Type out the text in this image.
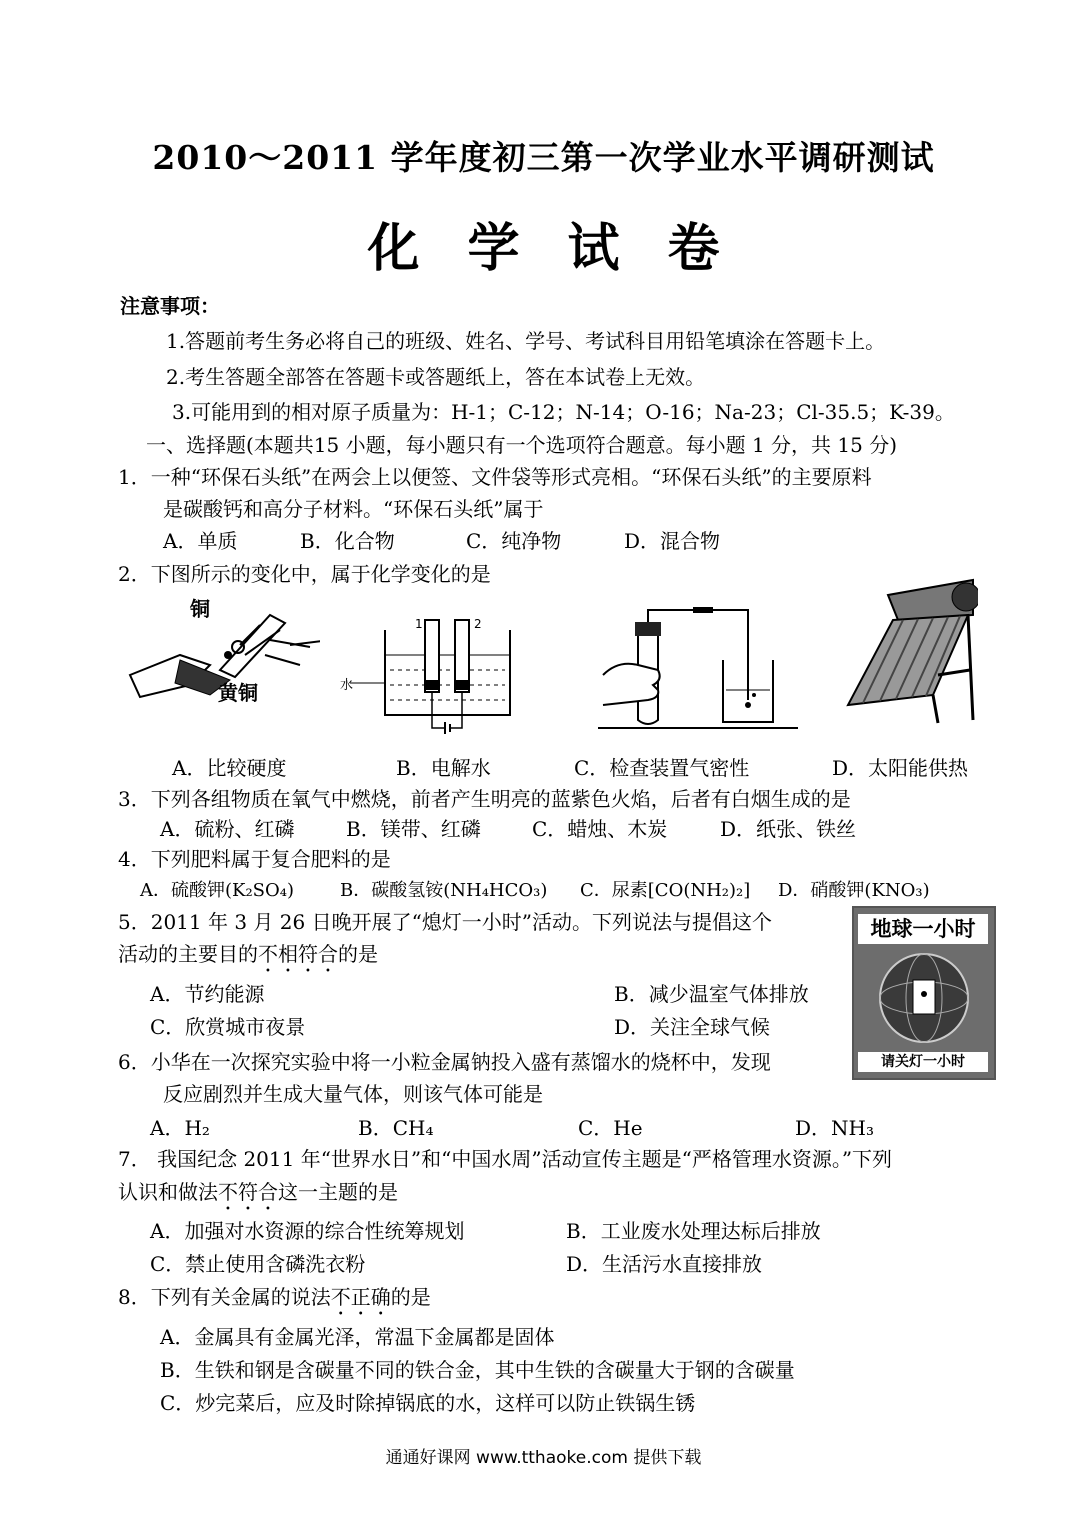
2010～2011 学年度初三第一次学业水平调研测试
化学试卷
注意事项：
1.答题前考生务必将自己的班级、姓名、学号、考试科目用铅笔填涂在答题卡上。
2.考生答题全部答在答题卡或答题纸上，答在本试卷上无效。
3.可能用到的相对原子质量为：H-1；C-12；N-14；O-16；Na-23；Cl-35.5；K-39。
一、选择题(本题共15 小题，每小题只有一个选项符合题意。每小题 1 分，共 15 分)
1．一种“环保石头纸”在两会上以便签、文件袋等形式亮相。“环保石头纸”的主要原料
是碳酸钙和高分子材料。“环保石头纸”属于
A．单质	B．化合物	C．纯净物	D．混合物
2．下图所示的变化中，属于化学变化的是
铜
黄铜
1	2
水
A．比较硬度	B．电解水	C．检查装置气密性	D．太阳能供热
3．下列各组物质在氧气中燃烧，前者产生明亮的蓝紫色火焰，后者有白烟生成的是
A．硫粉、红磷	B．镁带、红磷	C．蜡烛、木炭	D．纸张、铁丝
4．下列肥料属于复合肥料的是
A．硫酸钾(K₂SO₄)	B．碳酸氢铵(NH₄HCO₃) C．尿素[CO(NH₂)₂] D．硝酸钾(KNO₃)
5．2011 年 3 月 26 日晚开展了“熄灯一小时”活动。下列说法与提倡这个
活动的主要目的不相符合的是
A．节约能源	B．减少温室气体排放
C．欣赏城市夜景	D．关注全球气候
地球一小时
请关灯一小时
6．小华在一次探究实验中将一小粒金属钠投入盛有蒸馏水的烧杯中，发现
反应剧烈并生成大量气体，则该气体可能是
A．H₂	B．CH₄	C．He	D．NH₃
7． 我国纪念 2011 年“世界水日”和“中国水周”活动宣传主题是“严格管理水资源。”下列
认识和做法不符合这一主题的是
A．加强对水资源的综合性统筹规划	B．工业废水处理达标后排放
C．禁止使用含磷洗衣粉	D．生活污水直接排放
8．下列有关金属的说法不正确的是
A．金属具有金属光泽，常温下金属都是固体
B．生铁和钢是含碳量不同的铁合金，其中生铁的含碳量大于钢的含碳量
C．炒完菜后，应及时除掉锅底的水，这样可以防止铁锅生锈
通通好课网 www.tthaoke.com 提供下载
